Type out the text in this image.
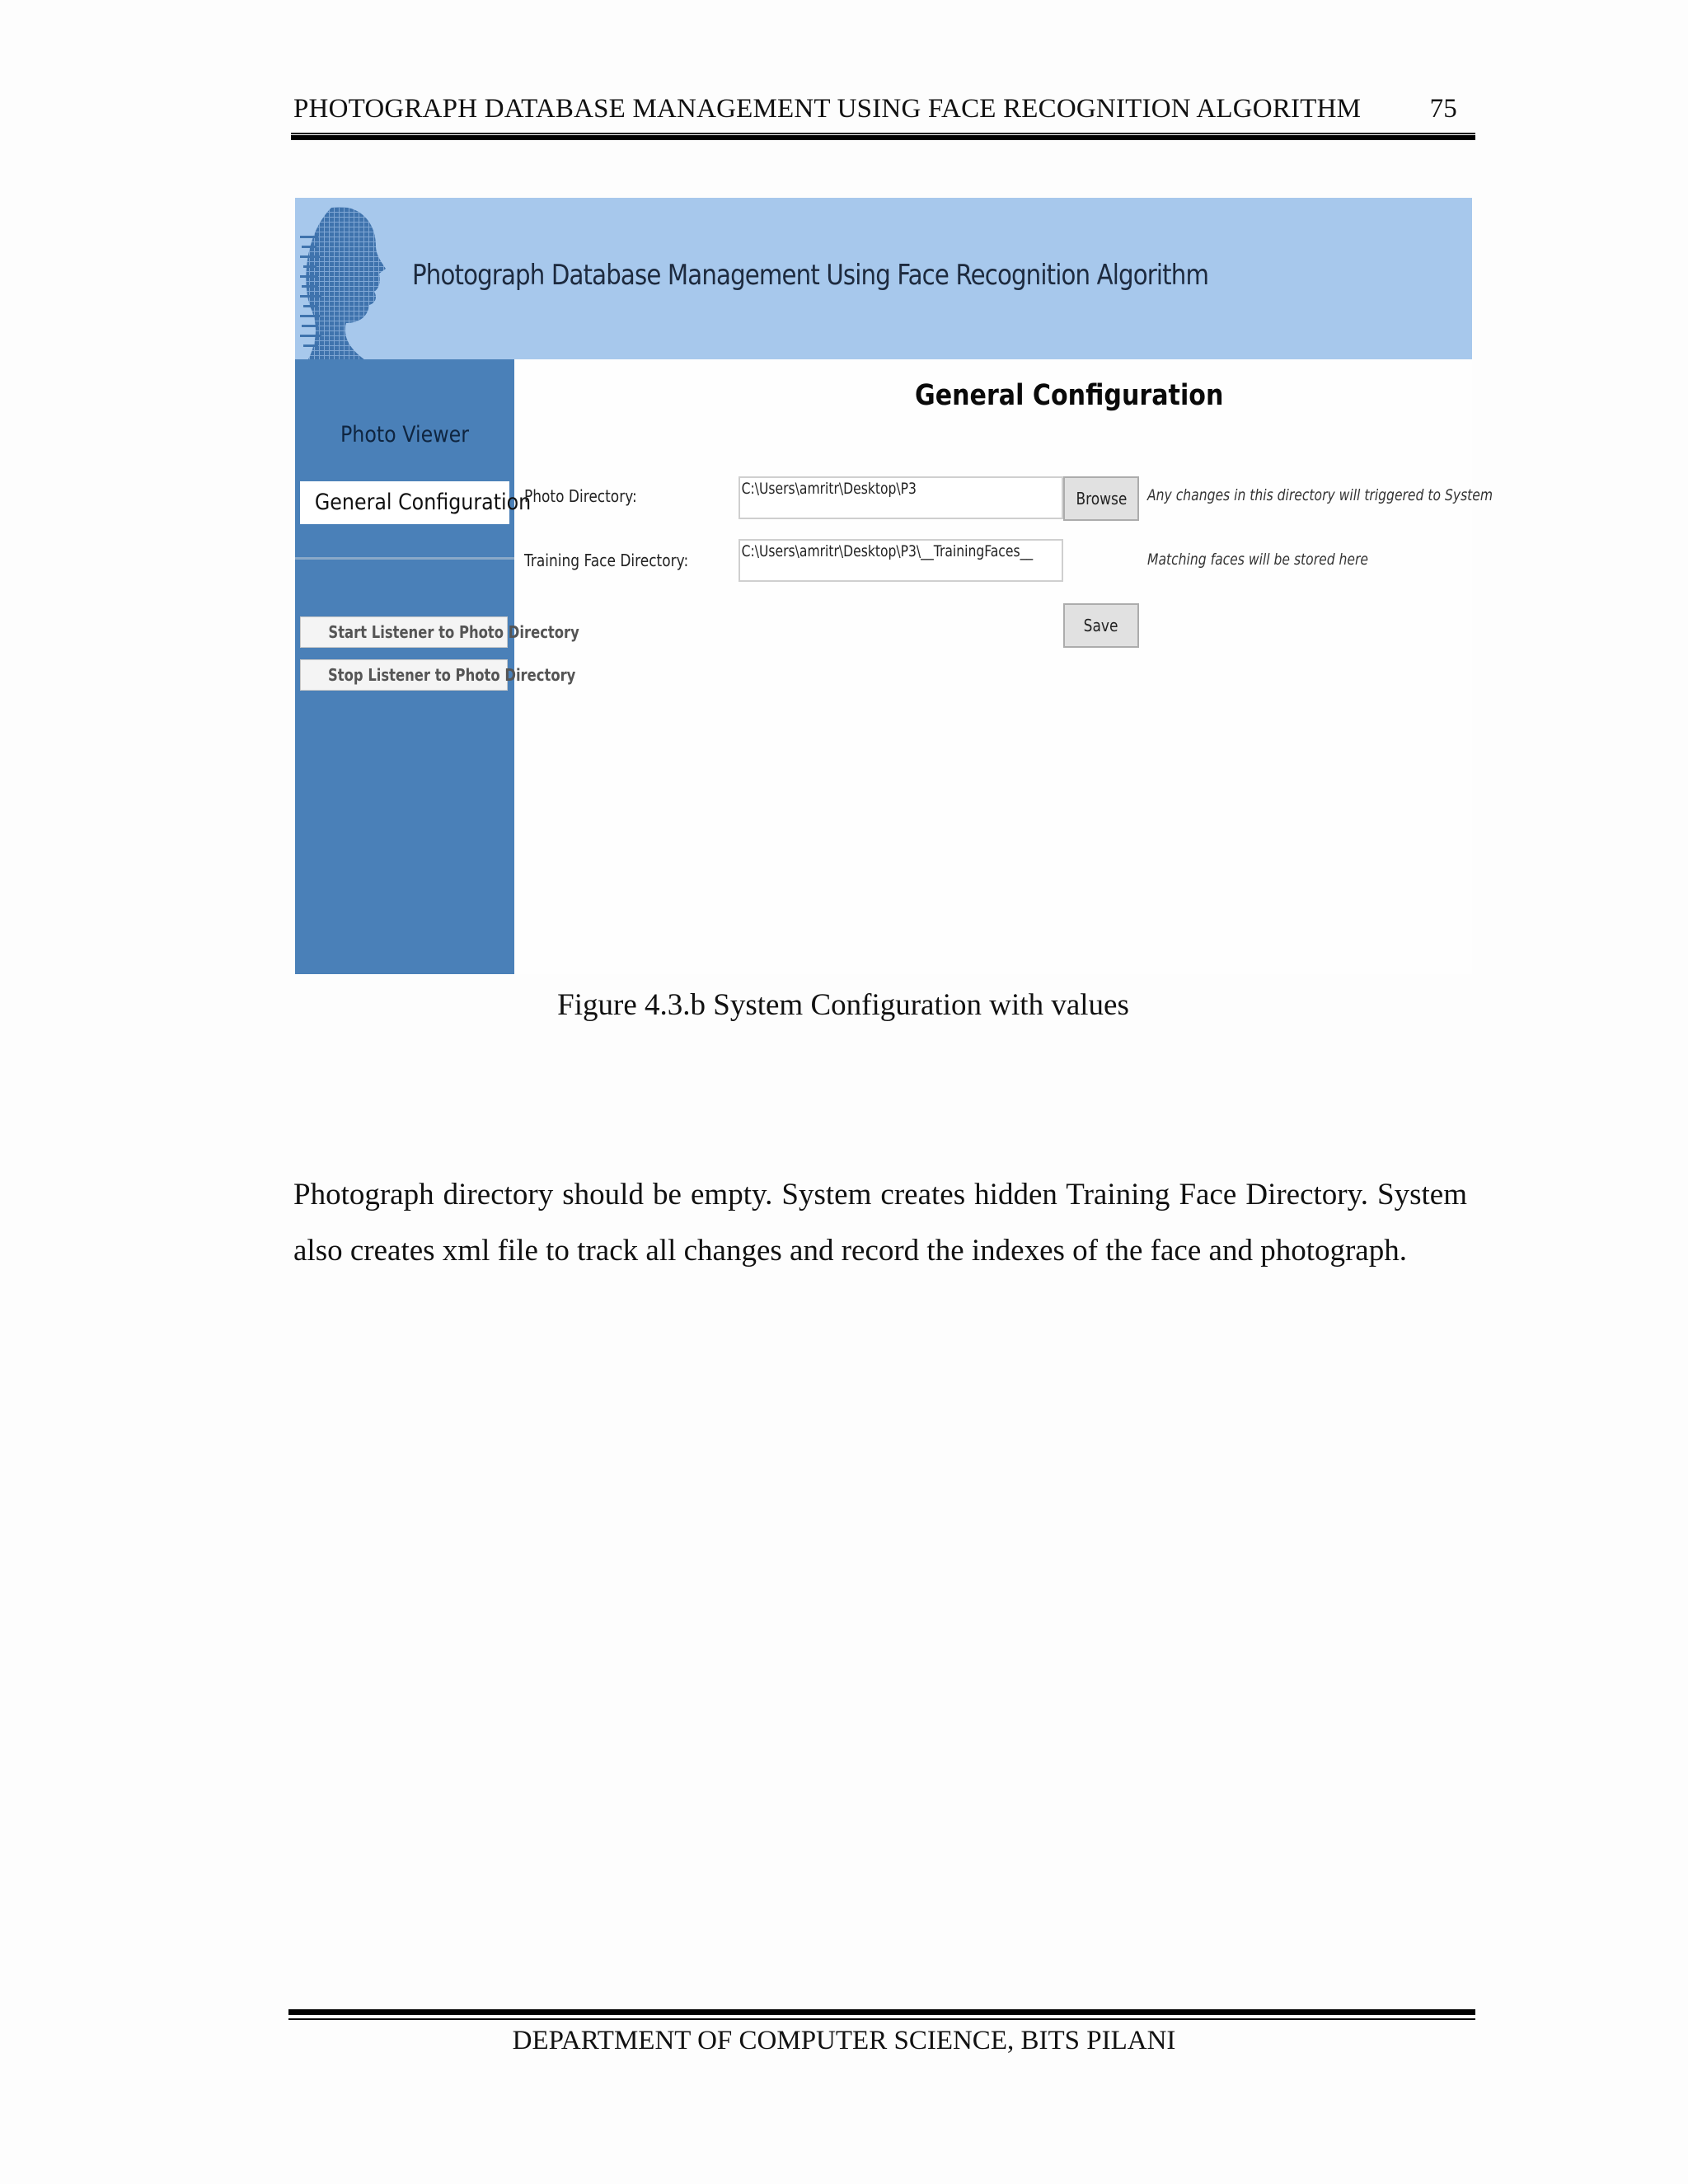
PHOTOGRAPH DATABASE MANAGEMENT USING FACE RECOGNITION ALGORITHM	75
Photograph Database Management Using Face Recognition Algorithm
Photo Viewer
General Configuration
Start Listener to Photo Directory
Stop Listener to Photo Directory
General Configuration
Photo Directory:	C:\Users\amritr\Desktop\P3	Browse	Any changes in this directory will triggered to System
Training Face Directory:	C:\Users\amritr\Desktop\P3\__TrainingFaces__	Matching faces will be stored here
Save
Figure 4.3.b System Configuration with values
Photograph directory should be empty. System creates hidden Training Face Directory. System also creates xml file to track all changes and record the indexes of the face and photograph.
DEPARTMENT OF COMPUTER SCIENCE, BITS PILANI
